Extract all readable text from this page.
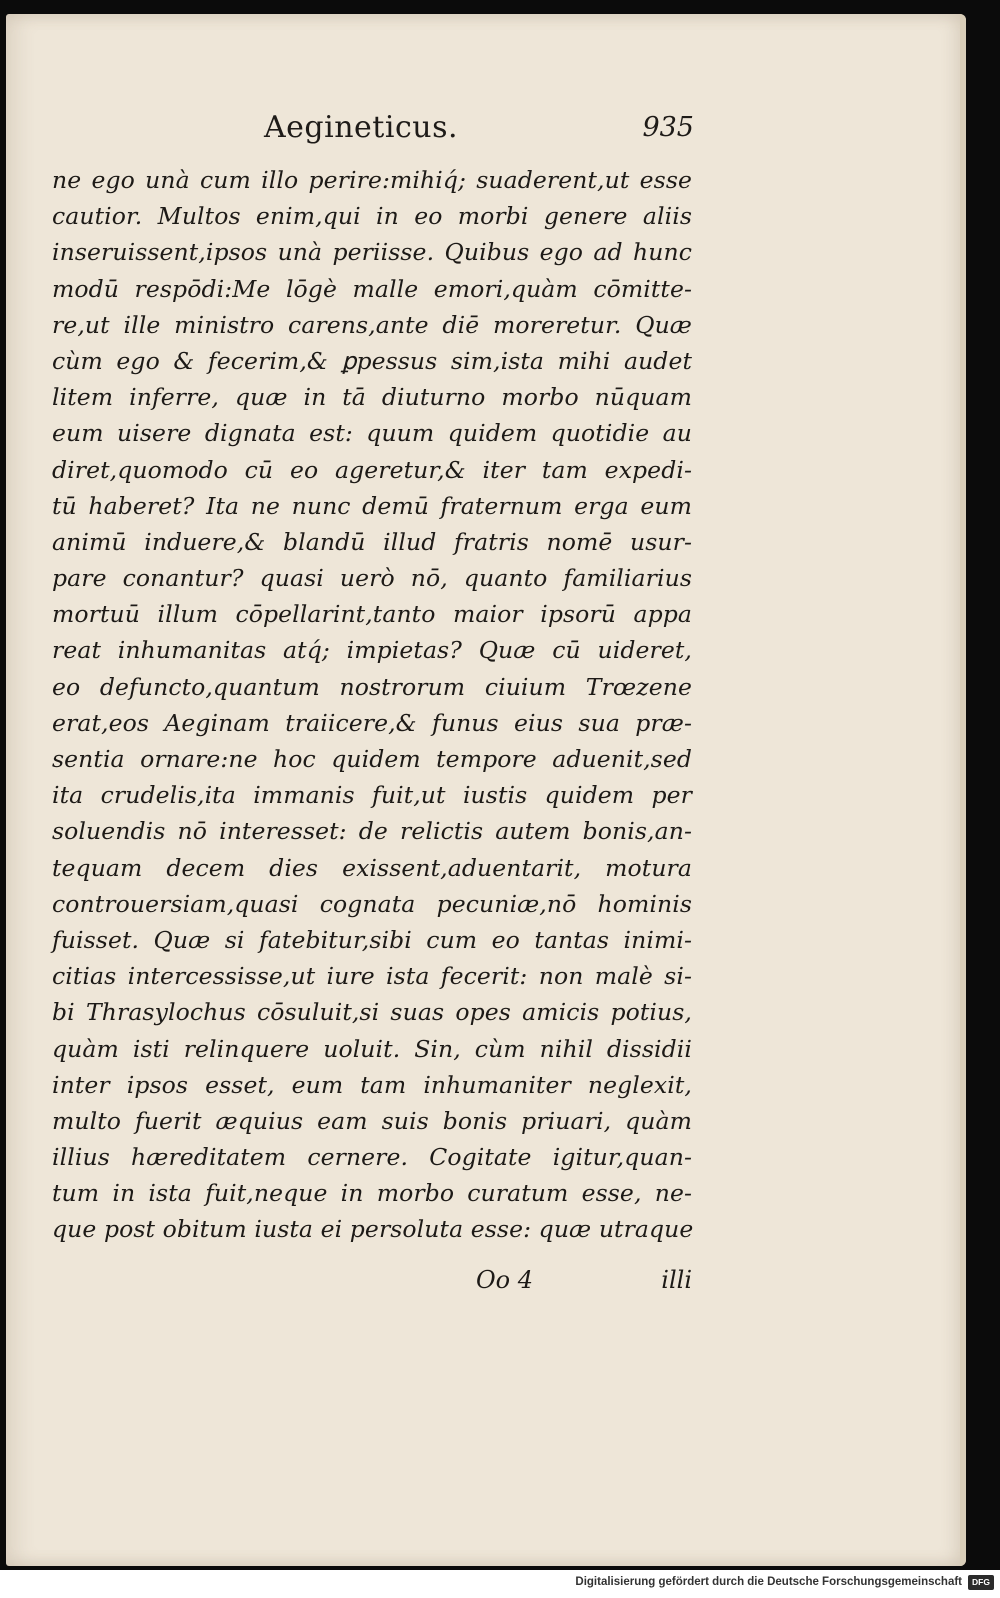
Aegineticus.	935
ne ego unà cum illo perire:mihiq́; suaderent,ut esse
cautior. Multos enim,qui in eo morbi genere aliis
inseruissent,ipsos unà periisse. Quibus ego ad hunc
modū respōdi:Me lōgè malle emori,quàm cōmitte-
re,ut ille ministro carens,ante diē moreretur. Quæ
cùm ego & fecerim,& ꝑpessus sim,ista mihi audet
litem inferre, quæ in tā diuturno morbo nūquam
eum uisere dignata est: quum quidem quotidie au
diret,quomodo cū eo ageretur,& iter tam expedi-
tū haberet? Ita ne nunc demū fraternum erga eum
animū induere,& blandū illud fratris nomē usur-
pare conantur? quasi uerò nō, quanto familiarius
mortuū illum cōpellarint,tanto maior ipsorū appa
reat inhumanitas atq́; impietas? Quæ cū uideret,
eo defuncto,quantum nostrorum ciuium Trœzene
erat,eos Aeginam traiicere,& funus eius sua præ-
sentia ornare:ne hoc quidem tempore aduenit,sed
ita crudelis,ita immanis fuit,ut iustis quidem per
soluendis nō interesset: de relictis autem bonis,an-
tequam decem dies exissent,aduentarit, motura
controuersiam,quasi cognata pecuniæ,nō hominis
fuisset. Quæ si fatebitur,sibi cum eo tantas inimi-
citias intercessisse,ut iure ista fecerit: non malè si-
bi Thrasylochus cōsuluit,si suas opes amicis potius,
quàm isti relinquere uoluit. Sin, cùm nihil dissidii
inter ipsos esset, eum tam inhumaniter neglexit,
multo fuerit æquius eam suis bonis priuari, quàm
illius hæreditatem cernere. Cogitate igitur,quan-
tum in ista fuit,neque in morbo curatum esse, ne-
que post obitum iusta ei persoluta esse: quæ utraque
Oo 4	illi
Digitalisierung gefördert durch die Deutsche Forschungsgemeinschaft	DFG
